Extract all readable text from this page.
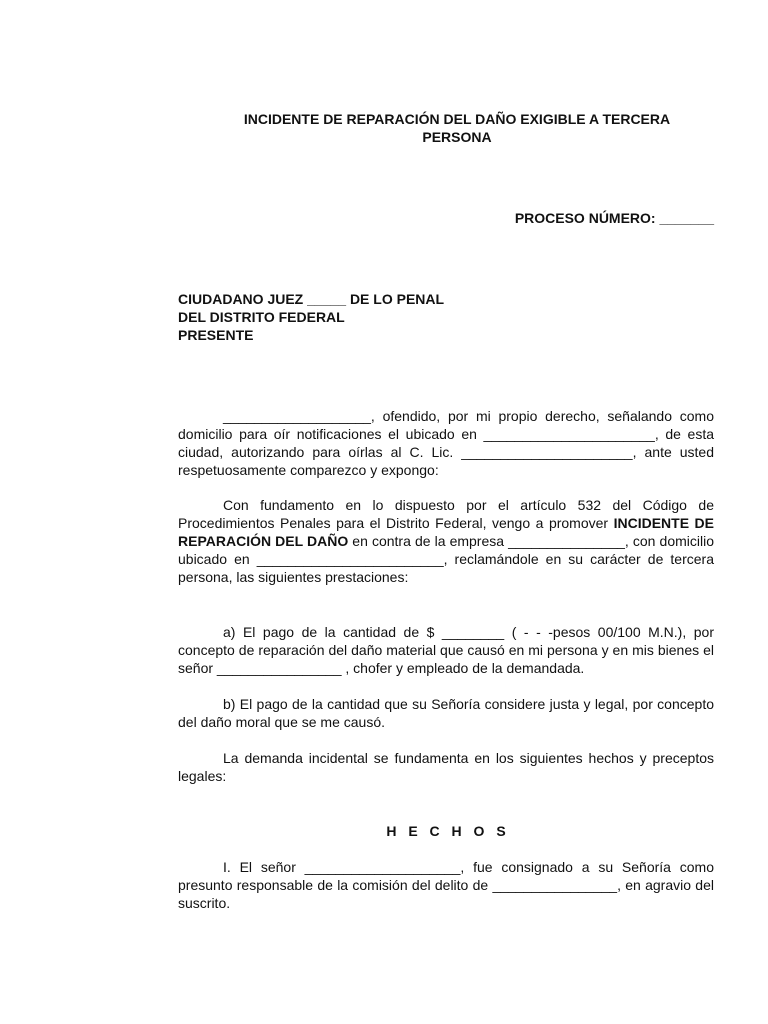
INCIDENTE DE REPARACIÓN DEL DAÑO EXIGIBLE A TERCERA
PERSONA
PROCESO NÚMERO: _______
CIUDADANO JUEZ _____ DE LO PENAL
DEL DISTRITO FEDERAL
PRESENTE

___________________, ofendido, por mi propio derecho, señalando como domicilio para oír notificaciones el ubicado en ______________________, de esta ciudad, autorizando para oírlas al C. Lic. ______________________, ante usted respetuosamente comparezco y expongo:

Con fundamento en lo dispuesto por el artículo 532 del Código de Procedimientos Penales para el Distrito Federal, vengo a promover INCIDENTE DE REPARACIÓN DEL DAÑO en contra de la empresa _______________, con domicilio ubicado en ________________________, reclamándole en su carácter de tercera persona, las siguientes prestaciones:

a) El pago de la cantidad de $ ________ ( - - -pesos 00/100 M.N.), por concepto de reparación del daño material que causó en mi persona y en mis bienes el señor ________________ , chofer y empleado de la demandada.

b) El pago de la cantidad que su Señoría considere justa y legal, por concepto del daño moral que se me causó.

La demanda incidental se fundamenta en los siguientes hechos y preceptos legales:

H E C H O S

I. El señor ____________________, fue consignado a su Señoría como presunto responsable de la comisión del delito de ________________, en agravio del suscrito.
